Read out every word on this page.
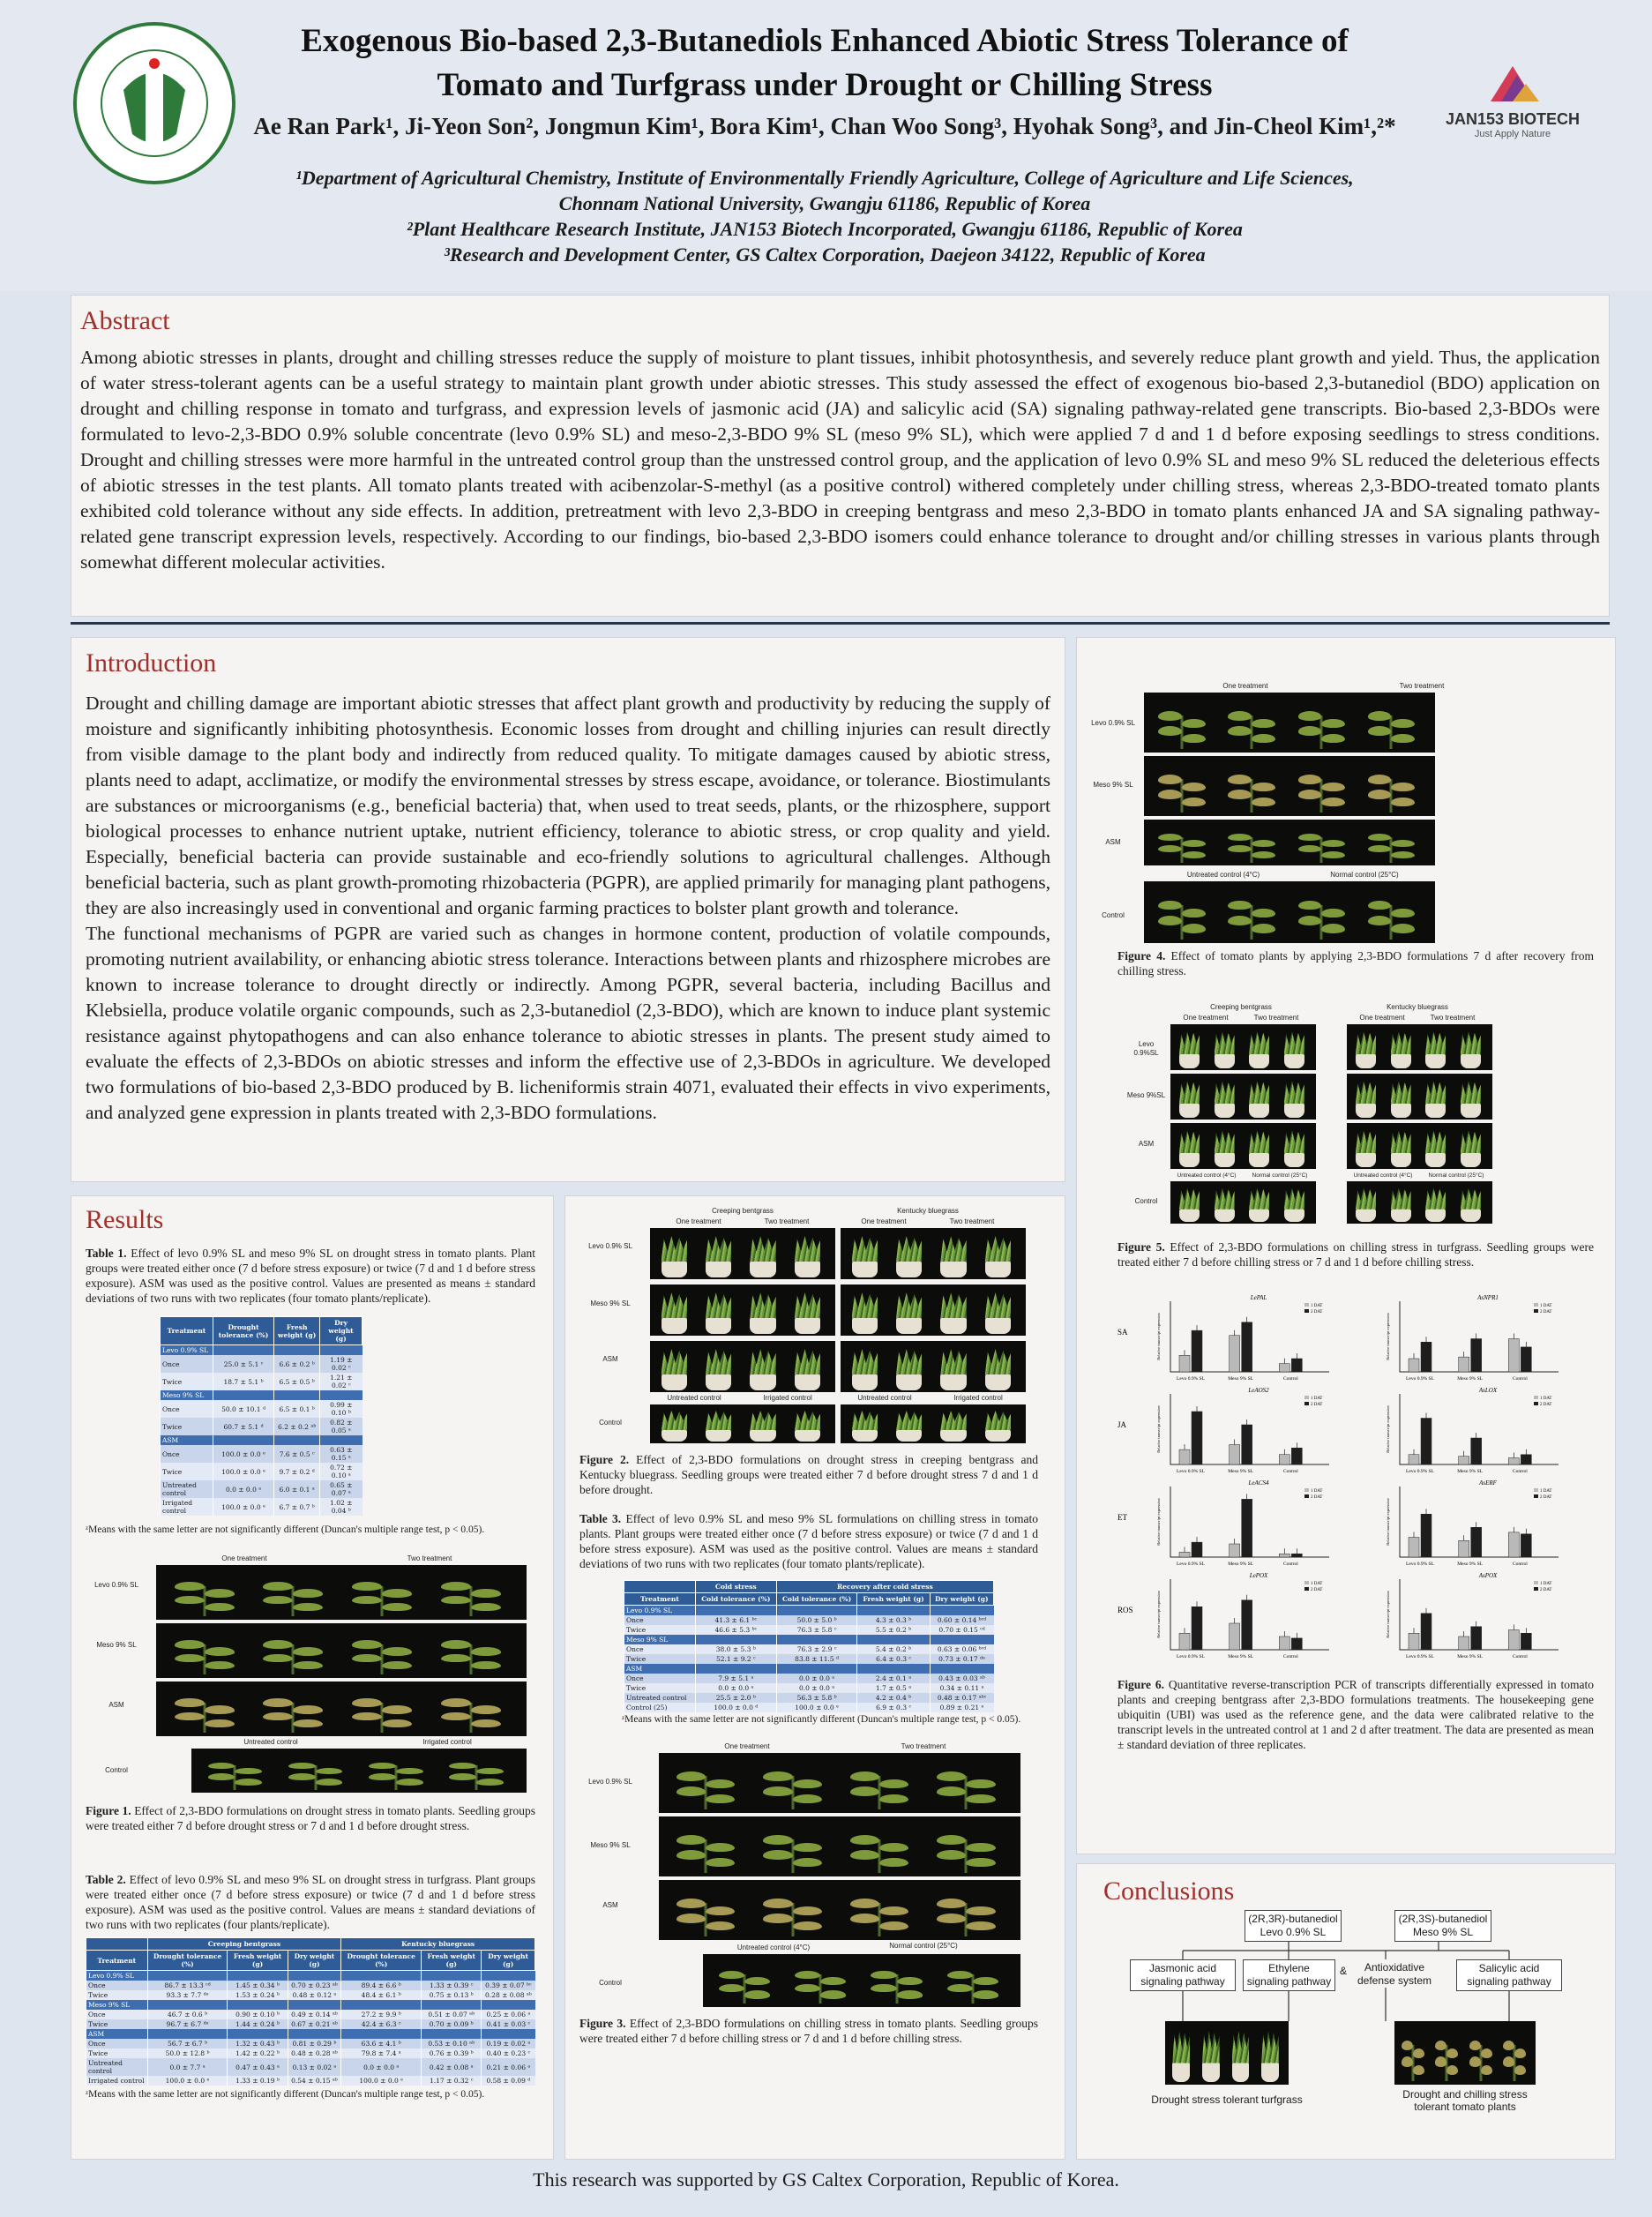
JAN153 BIOTECH
Just Apply Nature
Exogenous Bio-based 2,3-Butanediols Enhanced Abiotic Stress Tolerance of
Tomato and Turfgrass under Drought or Chilling Stress
Ae Ran Park¹, Ji-Yeon Son², Jongmun Kim¹, Bora Kim¹, Chan Woo Song³, Hyohak Song³, and Jin-Cheol Kim¹,²*
¹Department of Agricultural Chemistry, Institute of Environmentally Friendly Agriculture, College of Agriculture and Life Sciences,
Chonnam National University, Gwangju 61186, Republic of Korea
²Plant Healthcare Research Institute, JAN153 Biotech Incorporated, Gwangju 61186, Republic of Korea
³Research and Development Center, GS Caltex Corporation, Daejeon 34122, Republic of Korea
Abstract
Among abiotic stresses in plants, drought and chilling stresses reduce the supply of moisture to plant tissues, inhibit photosynthesis, and severely reduce plant growth and yield. Thus, the application of water stress-tolerant agents can be a useful strategy to maintain plant growth under abiotic stresses. This study assessed the effect of exogenous bio-based 2,3-butanediol (BDO) application on drought and chilling response in tomato and turfgrass, and expression levels of jasmonic acid (JA) and salicylic acid (SA) signaling pathway-related gene transcripts. Bio-based 2,3-BDOs were formulated to levo-2,3-BDO 0.9% soluble concentrate (levo 0.9% SL) and meso-2,3-BDO 9% SL (meso 9% SL), which were applied 7 d and 1 d before exposing seedlings to stress conditions. Drought and chilling stresses were more harmful in the untreated control group than the unstressed control group, and the application of levo 0.9% SL and meso 9% SL reduced the deleterious effects of abiotic stresses in the test plants. All tomato plants treated with acibenzolar-S-methyl (as a positive control) withered completely under chilling stress, whereas 2,3-BDO-treated tomato plants exhibited cold tolerance without any side effects. In addition, pretreatment with levo 2,3-BDO in creeping bentgrass and meso 2,3-BDO in tomato plants enhanced JA and SA signaling pathway-related gene transcript expression levels, respectively. According to our findings, bio-based 2,3-BDO isomers could enhance tolerance to drought and/or chilling stresses in various plants through somewhat different molecular activities.
Introduction
Drought and chilling damage are important abiotic stresses that affect plant growth and productivity by reducing the supply of moisture and significantly inhibiting photosynthesis. Economic losses from drought and chilling injuries can result directly from visible damage to the plant body and indirectly from reduced quality. To mitigate damages caused by abiotic stress, plants need to adapt, acclimatize, or modify the environmental stresses by stress escape, avoidance, or tolerance. Biostimulants are substances or microorganisms (e.g., beneficial bacteria) that, when used to treat seeds, plants, or the rhizosphere, support biological processes to enhance nutrient uptake, nutrient efficiency, tolerance to abiotic stress, or crop quality and yield. Especially, beneficial bacteria can provide sustainable and eco-friendly solutions to agricultural challenges. Although beneficial bacteria, such as plant growth-promoting rhizobacteria (PGPR), are applied primarily for managing plant pathogens, they are also increasingly used in conventional and organic farming practices to bolster plant growth and tolerance.
The functional mechanisms of PGPR are varied such as changes in hormone content, production of volatile compounds, promoting nutrient availability, or enhancing abiotic stress tolerance. Interactions between plants and rhizosphere microbes are known to increase tolerance to drought directly or indirectly. Among PGPR, several bacteria, including Bacillus and Klebsiella, produce volatile organic compounds, such as 2,3-butanediol (2,3-BDO), which are known to induce plant systemic resistance against phytopathogens and can also enhance tolerance to abiotic stresses in plants. The present study aimed to evaluate the effects of 2,3-BDOs on abiotic stresses and inform the effective use of 2,3-BDOs in agriculture. We developed two formulations of bio-based 2,3-BDO produced by B. licheniformis strain 4071, evaluated their effects in vivo experiments, and analyzed gene expression in plants treated with 2,3-BDO formulations.
Results
Table 1. Effect of levo 0.9% SL and meso 9% SL on drought stress in tomato plants. Plant groups were treated either once (7 d before stress exposure) or twice (7 d and 1 d before stress exposure). ASM was used as the positive control. Values are presented as means ± standard deviations of two runs with two replicates (four tomato plants/replicate).
Treatment	Drought tolerance (%)	Fresh weight (g)	Dry weight (g)
Levo 0.9% SL			
Once	25.0 ± 5.1 ᶜ	6.6 ± 0.2 ᵇ	1.19 ± 0.02 ᶜ
Twice	18.7 ± 5.1 ᵇ	6.5 ± 0.5 ᵇ	1.21 ± 0.02 ᶜ
Meso 9% SL			
Once	50.0 ± 10.1 ᵈ	6.5 ± 0.1 ᵇ	0.99 ± 0.10 ᵇ
Twice	60.7 ± 5.1 ᵈ	6.2 ± 0.2 ᵃᵇ	0.82 ± 0.05 ᵃ
ASM			
Once	100.0 ± 0.0 ᵉ	7.6 ± 0.5 ᶜ	0.63 ± 0.15 ᵃ
Twice	100.0 ± 0.0 ᵉ	9.7 ± 0.2 ᵈ	0.72 ± 0.10 ᵃ
Untreated control	0.0 ± 0.0 ᵃ	6.0 ± 0.1 ᵃ	0.65 ± 0.07 ᵃ
Irrigated control	100.0 ± 0.0 ᵉ	6.7 ± 0.7 ᵇ	1.02 ± 0.04 ᵇ
ᶻMeans with the same letter are not significantly different (Duncan's multiple range test, p < 0.05).
One treatment	Two treatment
Levo 0.9% SL
Meso 9% SL
ASM
Control
Untreated control	Irrigated control
Figure 1. Effect of 2,3-BDO formulations on drought stress in tomato plants. Seedling groups were treated either 7 d before drought stress or 7 d and 1 d before drought stress.
Table 2. Effect of levo 0.9% SL and meso 9% SL on drought stress in turfgrass. Plant groups were treated either once (7 d before stress exposure) or twice (7 d and 1 d before stress exposure). ASM was used as the positive control. Values are means ± standard deviations of two runs with two replicates (four plants/replicate).
	Creeping bentgrass			Kentucky bluegrass		
Treatment	Drought tolerance (%)	Fresh weight (g)	Dry weight (g)	Drought tolerance (%)	Fresh weight (g)	Dry weight (g)
Levo 0.9% SL						
Once	86.7 ± 13.3 ᶜᵈ	1.45 ± 0.34 ᵇ	0.70 ± 0.23 ᵃᵇ	89.4 ± 6.6 ᵇ	1.33 ± 0.39 ᶜ	0.39 ± 0.07 ᵇᶜ
Twice	93.3 ± 7.7 ᵈᵉ	1.53 ± 0.24 ᵇ	0.48 ± 0.12 ᵃ	48.4 ± 6.1 ᵇ	0.75 ± 0.13 ᵇ	0.28 ± 0.08 ᵃᵇ
Meso 9% SL						
Once	46.7 ± 0.6 ᵇ	0.90 ± 0.10 ᵇ	0.49 ± 0.14 ᵃᵇ	27.2 ± 9.9 ᵇ	0.51 ± 0.07 ᵃᵇ	0.25 ± 0.06 ᵃ
Twice	96.7 ± 6.7 ᵈᵉ	1.44 ± 0.24 ᵇ	0.67 ± 0.21 ᵃᵇ	42.4 ± 6.3 ᶜ	0.70 ± 0.09 ᵇ	0.41 ± 0.03 ᶜ
ASM						
Once	56.7 ± 6.7 ᵇ	1.32 ± 0.43 ᵇ	0.81 ± 0.29 ᵇ	63.6 ± 4.1 ᵇ	0.53 ± 0.10 ᵃᵇ	0.19 ± 0.02 ᵃ
Twice	50.0 ± 12.8 ᵇ	1.42 ± 0.22 ᵇ	0.48 ± 0.28 ᵃᵇ	79.8 ± 7.4 ᵃ	0.76 ± 0.39 ᵇ	0.40 ± 0.23 ᶜ
Untreated control	0.0 ± 7.7 ᵃ	0.47 ± 0.43 ᵃ	0.13 ± 0.02 ᵃ	0.0 ± 0.0 ᵃ	0.42 ± 0.08 ᵃ	0.21 ± 0.06 ᵃ
Irrigated control	100.0 ± 0.0 ᵉ	1.33 ± 0.19 ᵇ	0.54 ± 0.15 ᵃᵇ	100.0 ± 0.0 ᵉ	1.17 ± 0.32 ᶜ	0.58 ± 0.09 ᵈ
ᶻMeans with the same letter are not significantly different (Duncan's multiple range test, p < 0.05).
Creeping bentgrass	Kentucky bluegrass
One treatment	Two treatment	One treatment	Two treatment
Levo 0.9% SL
Meso 9% SL
ASM
Control
Untreated control	Irrigated control	Untreated control	Irrigated control
Figure 2. Effect of 2,3-BDO formulations on drought stress in creeping bentgrass and Kentucky bluegrass. Seedling groups were treated either 7 d before drought stress 7 d and 1 d before drought.
Table 3. Effect of levo 0.9% SL and meso 9% SL formulations on chilling stress in tomato plants. Plant groups were treated either once (7 d before stress exposure) or twice (7 d and 1 d before stress exposure). ASM was used as the positive control. Values are means ± standard deviations of two runs with two replicates (four tomato plants/replicate).
	Cold stress	Recovery after cold stress		
Treatment	Cold tolerance (%)	Cold tolerance (%)	Fresh weight (g)	Dry weight (g)
Levo 0.9% SL				
Once	41.3 ± 6.1 ᵇᶜ	50.0 ± 5.0 ᵇ	4.3 ± 0.3 ᵇ	0.60 ± 0.14 ᵇᶜᵈ
Twice	46.6 ± 5.3 ᵇᶜ	76.3 ± 5.8 ᶜ	5.5 ± 0.2 ᵇ	0.70 ± 0.15 ᶜᵈ
Meso 9% SL				
Once	38.0 ± 5.3 ᵇ	76.3 ± 2.9 ᶜ	5.4 ± 0.2 ᵇ	0.63 ± 0.06 ᵇᶜᵈ
Twice	52.1 ± 9.2 ᶜ	83.8 ± 11.5 ᵈ	6.4 ± 0.3 ᶜ	0.73 ± 0.17 ᵈᵉ
ASM				
Once	7.9 ± 5.1 ᵃ	0.0 ± 0.0 ᵃ	2.4 ± 0.1 ᵃ	0.43 ± 0.03 ᵃᵇ
Twice	0.0 ± 0.0 ᵃ	0.0 ± 0.0 ᵃ	1.7 ± 0.5 ᵃ	0.34 ± 0.11 ᵃ
Untreated control	25.5 ± 2.0 ᵇ	56.3 ± 5.8 ᵇ	4.2 ± 0.4 ᵇ	0.48 ± 0.17 ᵃᵇᶜ
Control (25)	100.0 ± 0.0 ᵈ	100.0 ± 0.0 ᵉ	6.9 ± 0.3 ᶜ	0.89 ± 0.21 ᵉ
ᶻMeans with the same letter are not significantly different (Duncan's multiple range test, p < 0.05).
One treatment	Two treatment
Levo 0.9% SL
Meso 9% SL
ASM
Control
Untreated control (4°C)	Normal control (25°C)
Figure 3. Effect of 2,3-BDO formulations on chilling stress in tomato plants. Seedling groups were treated either 7 d before chilling stress or 7 d and 1 d before chilling stress.
One treatment	Two treatment
Levo 0.9% SL
Meso 9% SL
ASM
Control
Untreated control (4°C)	Normal control (25°C)
Figure 4. Effect of tomato plants by applying 2,3-BDO formulations 7 d after recovery from chilling stress.
Creeping bentgrass	Kentucky bluegrass
One treatment	Two treatment	One treatment	Two treatment
Levo 0.9%SL
Meso 9%SL
ASM
Control
Untreated control (4°C)	Normal control (25°C)	Untreated control (4°C)	Normal control (25°C)
Figure 5. Effect of 2,3-BDO formulations on chilling stress in turfgrass. Seedling groups were treated either 7 d before chilling stress or 7 d and 1 d before chilling stress.
SA
JA
ET
ROS
LePAL
Relative transcript expression
Levo 0.9% SL	Meso 9% SL	Control
1 DAT
2 DAT
AsNPR1
Relative transcript expression
Levo 0.9% SL	Meso 9% SL	Control
1 DAT
2 DAT
LeAOS2
Relative transcript expression
Levo 0.9% SL	Meso 9% SL	Control
1 DAT
2 DAT
AsLOX
Relative transcript expression
Levo 0.9% SL	Meso 9% SL	Control
1 DAT
2 DAT
LeACS4
Relative transcript expression
Levo 0.9% SL	Meso 9% SL	Control
1 DAT
2 DAT
AsERF
Relative transcript expression
Levo 0.9% SL	Meso 9% SL	Control
1 DAT
2 DAT
LePOX
Relative transcript expression
Levo 0.9% SL	Meso 9% SL	Control
1 DAT
2 DAT
AsPOX
Relative transcript expression
Levo 0.9% SL	Meso 9% SL	Control
1 DAT
2 DAT
Figure 6. Quantitative reverse-transcription PCR of transcripts differentially expressed in tomato plants and creeping bentgrass after 2,3-BDO formulations treatments. The housekeeping gene ubiquitin (UBI) was used as the reference gene, and the data were calibrated relative to the transcript levels in the untreated control at 1 and 2 d after treatment. The data are presented as mean ± standard deviation of three replicates.
Conclusions
(2R,3R)-butanediol
Levo 0.9% SL
(2R,3S)-butanediol
Meso 9% SL
Jasmonic acid
signaling pathway
Ethylene
signaling pathway
&	Antioxidative
defense system
Salicylic acid
signaling pathway
Drought stress tolerant turfgrass	Drought and chilling stress
tolerant tomato plants
This research was supported by GS Caltex Corporation, Republic of Korea.
